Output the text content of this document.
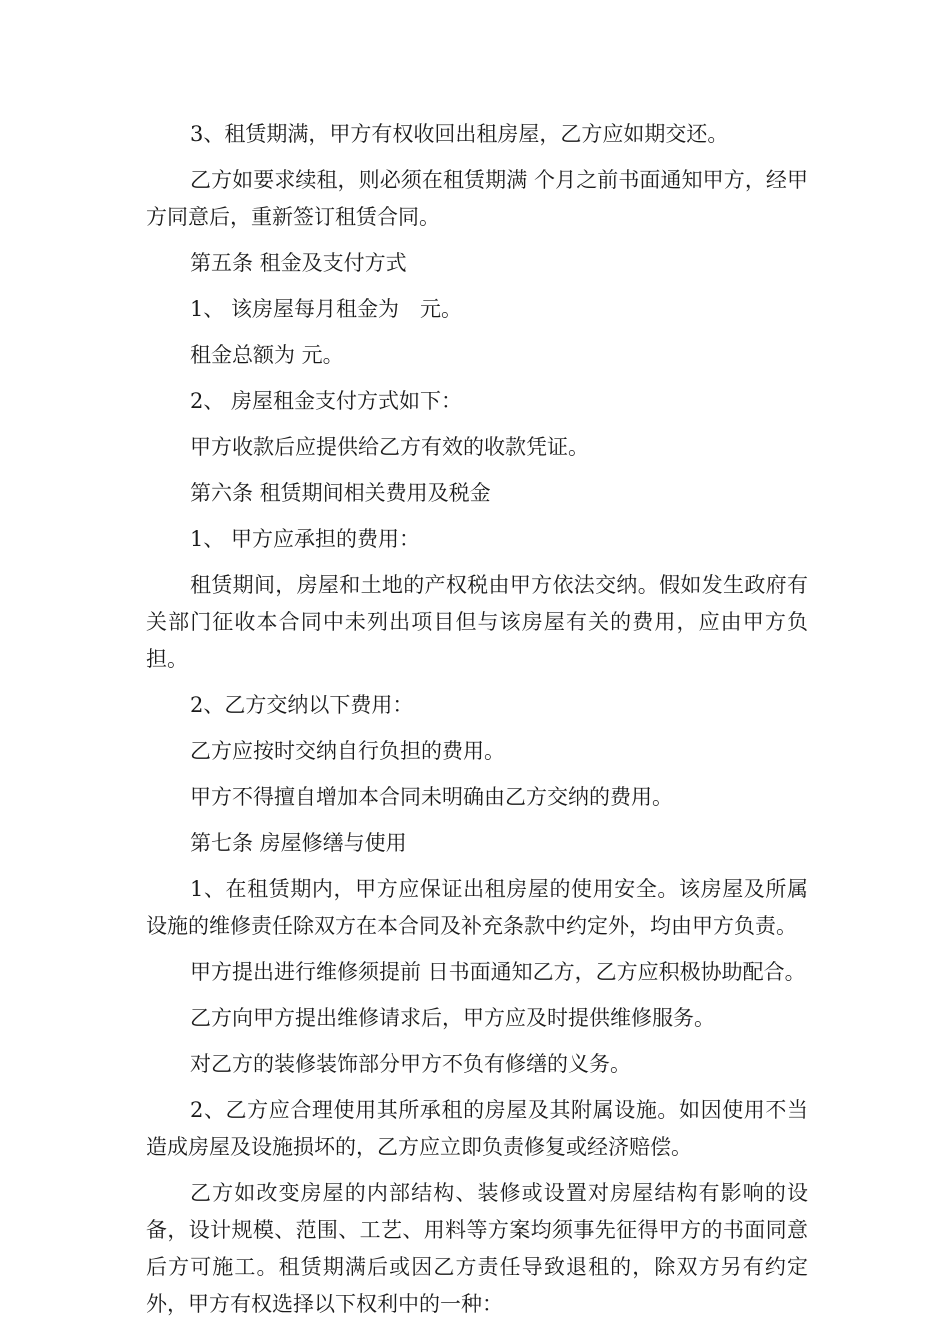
3、租赁期满，甲方有权收回出租房屋，乙方应如期交还。

乙方如要求续租，则必须在租赁期满 个月之前书面通知甲方，经甲方同意后，重新签订租赁合同。

第五条 租金及支付方式

1、 该房屋每月租金为　元。

租金总额为 元。

2、 房屋租金支付方式如下：

甲方收款后应提供给乙方有效的收款凭证。

第六条 租赁期间相关费用及税金

1、 甲方应承担的费用：

租赁期间，房屋和土地的产权税由甲方依法交纳。假如发生政府有关部门征收本合同中未列出项目但与该房屋有关的费用，应由甲方负担。

2、乙方交纳以下费用：

乙方应按时交纳自行负担的费用。

甲方不得擅自增加本合同未明确由乙方交纳的费用。

第七条 房屋修缮与使用

1、在租赁期内，甲方应保证出租房屋的使用安全。该房屋及所属设施的维修责任除双方在本合同及补充条款中约定外，均由甲方负责。

甲方提出进行维修须提前 日书面通知乙方，乙方应积极协助配合。

乙方向甲方提出维修请求后，甲方应及时提供维修服务。

对乙方的装修装饰部分甲方不负有修缮的义务。

2、乙方应合理使用其所承租的房屋及其附属设施。如因使用不当造成房屋及设施损坏的，乙方应立即负责修复或经济赔偿。

乙方如改变房屋的内部结构、装修或设置对房屋结构有影响的设备，设计规模、范围、工艺、用料等方案均须事先征得甲方的书面同意后方可施工。租赁期满后或因乙方责任导致退租的，除双方另有约定外，甲方有权选择以下权利中的一种：
